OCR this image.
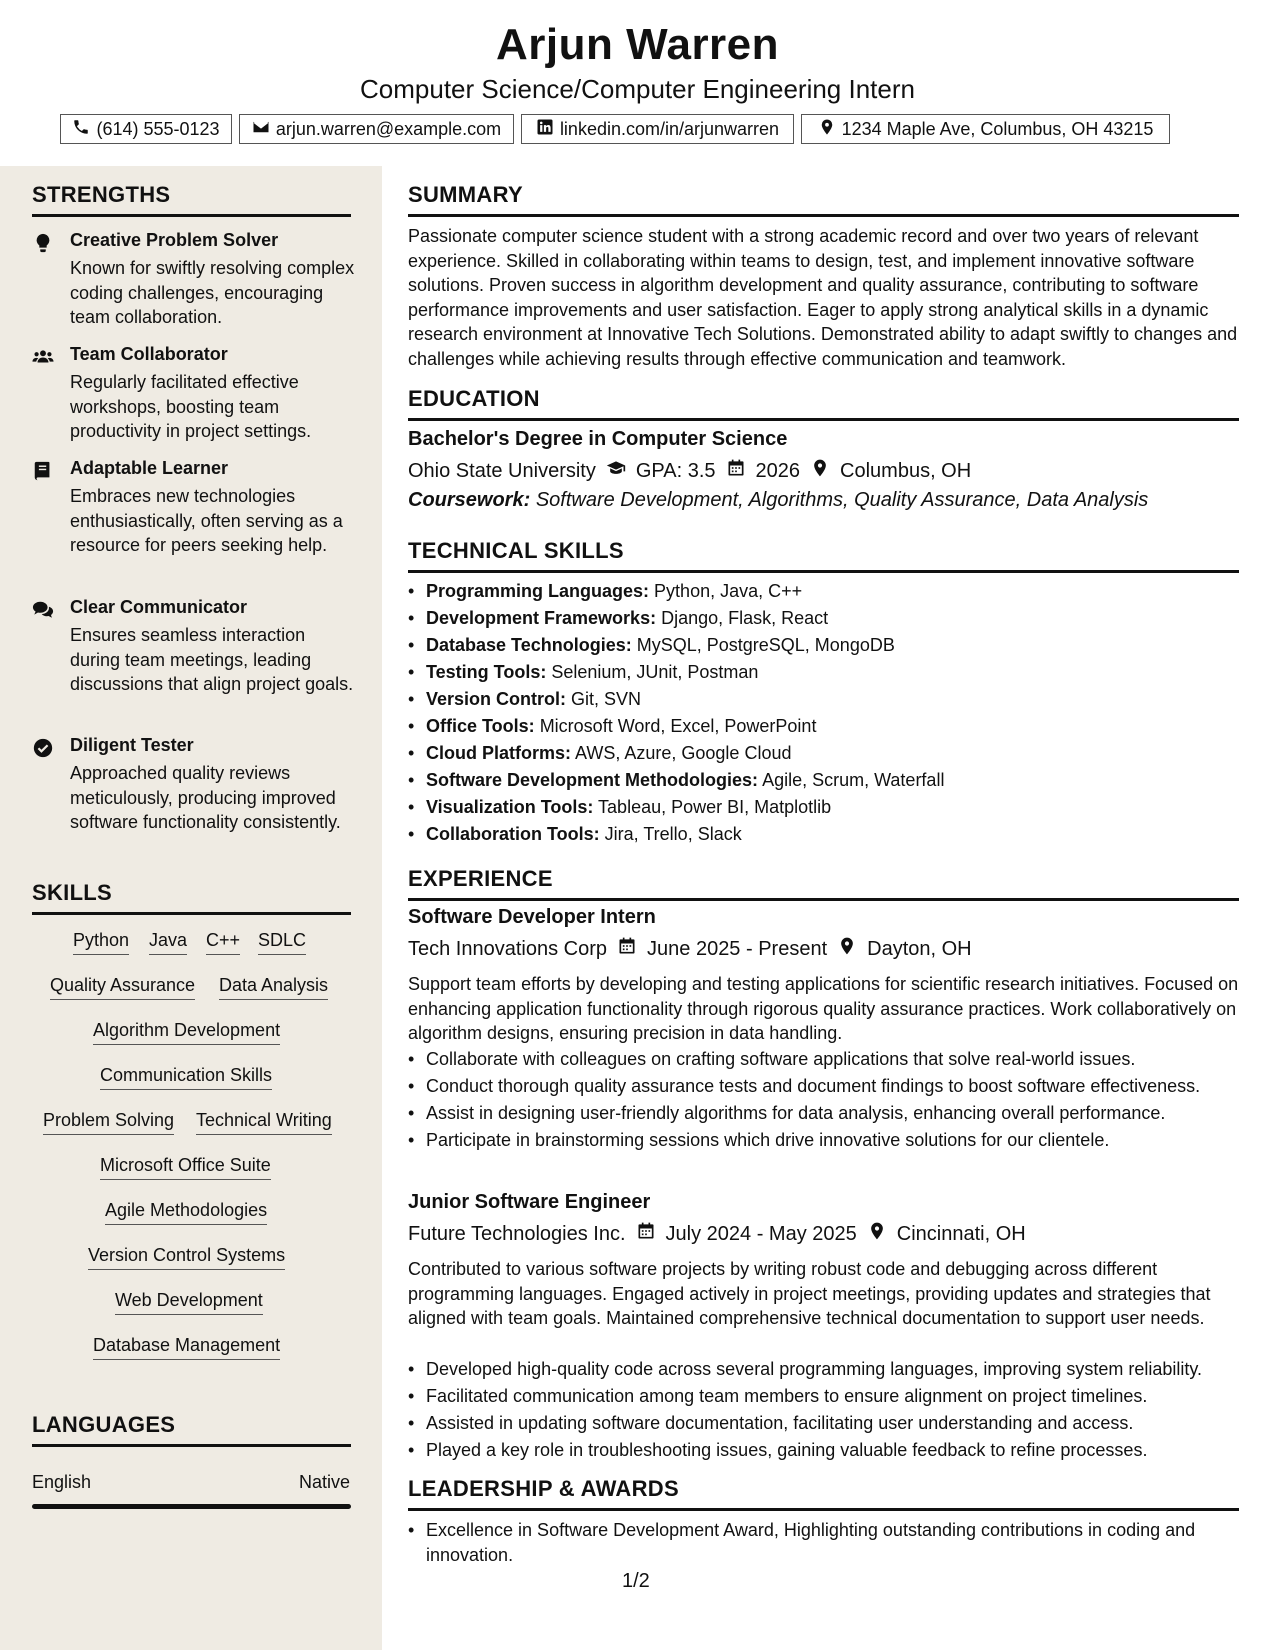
Arjun Warren
Computer Science/Computer Engineering Intern
(614) 555-0123	arjun.warren@example.com	linkedin.com/in/arjunwarren	1234 Maple Ave, Columbus, OH 43215
STRENGTHS
Creative Problem Solver
Known for swiftly resolving complex coding challenges, encouraging team collaboration.
Team Collaborator
Regularly facilitated effective workshops, boosting team productivity in project settings.
Adaptable Learner
Embraces new technologies enthusiastically, often serving as a resource for peers seeking help.
Clear Communicator
Ensures seamless interaction during team meetings, leading discussions that align project goals.
Diligent Tester
Approached quality reviews meticulously, producing improved software functionality consistently.
SKILLS
Python Java C++ SDLC
Quality Assurance Data Analysis
Algorithm Development
Communication Skills
Problem Solving Technical Writing
Microsoft Office Suite
Agile Methodologies
Version Control Systems
Web Development
Database Management
LANGUAGES
English	Native
SUMMARY
Passionate computer science student with a strong academic record and over two years of relevant experience. Skilled in collaborating within teams to design, test, and implement innovative software solutions. Proven success in algorithm development and quality assurance, contributing to software performance improvements and user satisfaction. Eager to apply strong analytical skills in a dynamic research environment at Innovative Tech Solutions. Demonstrated ability to adapt swiftly to changes and challenges while achieving results through effective communication and teamwork.
EDUCATION
Bachelor's Degree in Computer Science
Ohio State University GPA: 3.5 2026 Columbus, OH
Coursework: Software Development, Algorithms, Quality Assurance, Data Analysis
TECHNICAL SKILLS
• Programming Languages: Python, Java, C++
• Development Frameworks: Django, Flask, React
• Database Technologies: MySQL, PostgreSQL, MongoDB
• Testing Tools: Selenium, JUnit, Postman
• Version Control: Git, SVN
• Office Tools: Microsoft Word, Excel, PowerPoint
• Cloud Platforms: AWS, Azure, Google Cloud
• Software Development Methodologies: Agile, Scrum, Waterfall
• Visualization Tools: Tableau, Power BI, Matplotlib
• Collaboration Tools: Jira, Trello, Slack
EXPERIENCE
Software Developer Intern
Tech Innovations Corp June 2025 - Present Dayton, OH
Support team efforts by developing and testing applications for scientific research initiatives. Focused on enhancing application functionality through rigorous quality assurance practices. Work collaboratively on algorithm designs, ensuring precision in data handling.
• Collaborate with colleagues on crafting software applications that solve real-world issues.
• Conduct thorough quality assurance tests and document findings to boost software effectiveness.
• Assist in designing user-friendly algorithms for data analysis, enhancing overall performance.
• Participate in brainstorming sessions which drive innovative solutions for our clientele.
Junior Software Engineer
Future Technologies Inc. July 2024 - May 2025 Cincinnati, OH
Contributed to various software projects by writing robust code and debugging across different programming languages. Engaged actively in project meetings, providing updates and strategies that aligned with team goals. Maintained comprehensive technical documentation to support user needs.
• Developed high-quality code across several programming languages, improving system reliability.
• Facilitated communication among team members to ensure alignment on project timelines.
• Assisted in updating software documentation, facilitating user understanding and access.
• Played a key role in troubleshooting issues, gaining valuable feedback to refine processes.
LEADERSHIP & AWARDS
• Excellence in Software Development Award, Highlighting outstanding contributions in coding and innovation.
1/2
